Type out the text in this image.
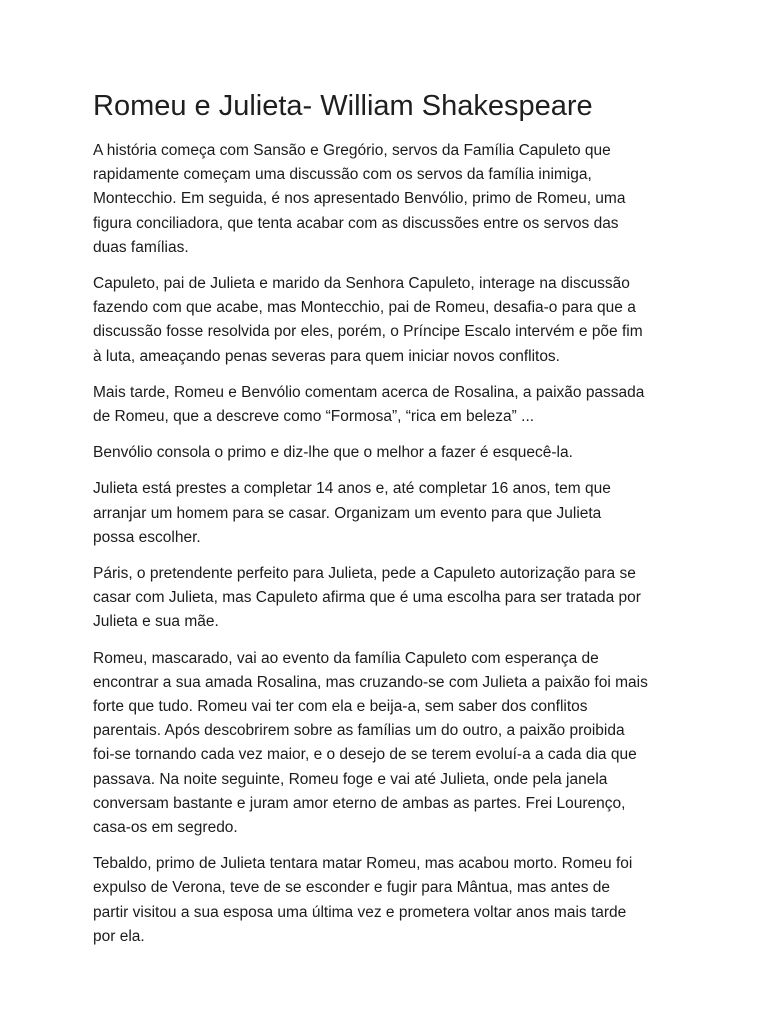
Romeu e Julieta- William Shakespeare

A história começa com Sansão e Gregório, servos da Família Capuleto que
rapidamente começam uma discussão com os servos da família inimiga,
Montecchio. Em seguida, é nos apresentado Benvólio, primo de Romeu, uma
figura conciliadora, que tenta acabar com as discussões entre os servos das
duas famílias.

Capuleto, pai de Julieta e marido da Senhora Capuleto, interage na discussão
fazendo com que acabe, mas Montecchio, pai de Romeu, desafia-o para que a
discussão fosse resolvida por eles, porém, o Príncipe Escalo intervém e põe fim
à luta, ameaçando penas severas para quem iniciar novos conflitos.

Mais tarde, Romeu e Benvólio comentam acerca de Rosalina, a paixão passada
de Romeu, que a descreve como “Formosa”, “rica em beleza” ...

Benvólio consola o primo e diz-lhe que o melhor a fazer é esquecê-la.

Julieta está prestes a completar 14 anos e, até completar 16 anos, tem que
arranjar um homem para se casar. Organizam um evento para que Julieta
possa escolher.

Páris, o pretendente perfeito para Julieta, pede a Capuleto autorização para se
casar com Julieta, mas Capuleto afirma que é uma escolha para ser tratada por
Julieta e sua mãe.

Romeu, mascarado, vai ao evento da família Capuleto com esperança de
encontrar a sua amada Rosalina, mas cruzando-se com Julieta a paixão foi mais
forte que tudo. Romeu vai ter com ela e beija-a, sem saber dos conflitos
parentais. Após descobrirem sobre as famílias um do outro, a paixão proibida
foi-se tornando cada vez maior, e o desejo de se terem evoluí-a a cada dia que
passava. Na noite seguinte, Romeu foge e vai até Julieta, onde pela janela
conversam bastante e juram amor eterno de ambas as partes. Frei Lourenço,
casa-os em segredo.

Tebaldo, primo de Julieta tentara matar Romeu, mas acabou morto. Romeu foi
expulso de Verona, teve de se esconder e fugir para Mântua, mas antes de
partir visitou a sua esposa uma última vez e prometera voltar anos mais tarde
por ela.
